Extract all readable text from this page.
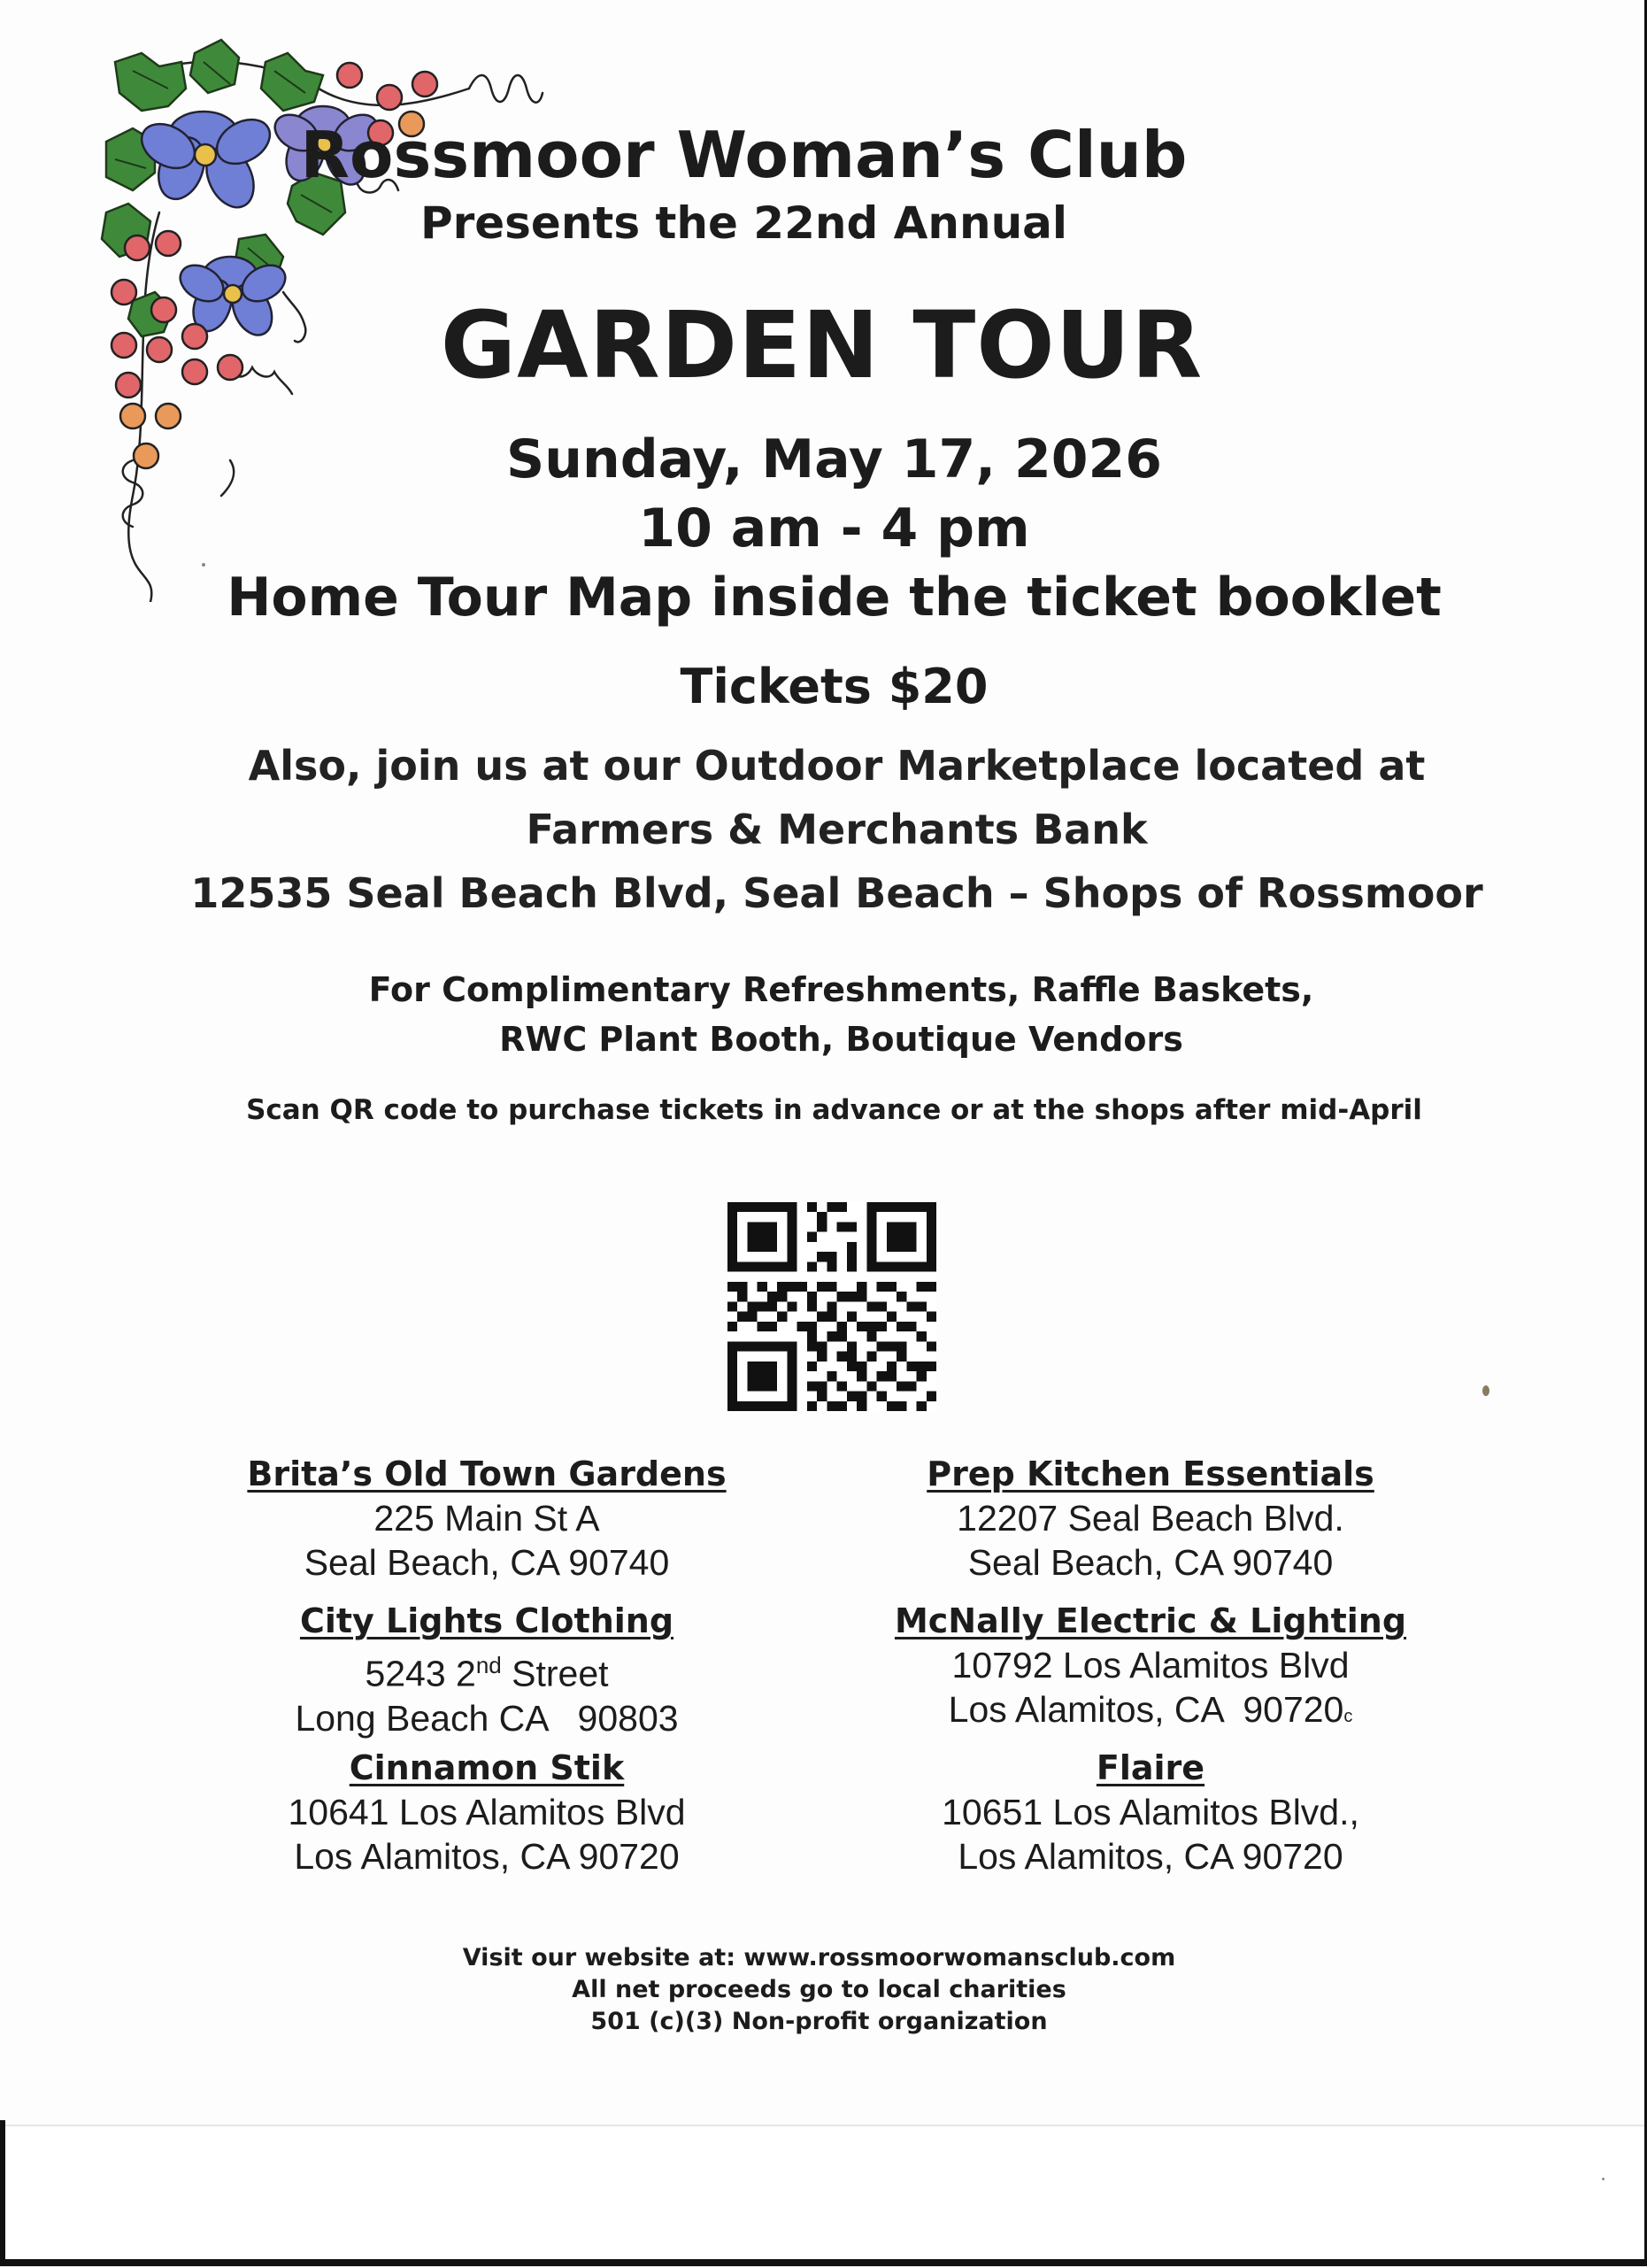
Rossmoor Woman’s Club
Presents the 22nd Annual
GARDEN TOUR
Sunday, May 17, 2026
10 am - 4 pm
Home Tour Map inside the ticket booklet
Tickets $20
Also, join us at our Outdoor Marketplace located at
Farmers & Merchants Bank
12535 Seal Beach Blvd, Seal Beach – Shops of Rossmoor
For Complimentary Refreshments, Raffle Baskets,
RWC Plant Booth, Boutique Vendors
Scan QR code to purchase tickets in advance or at the shops after mid-April
Brita’s Old Town Gardens
225 Main St A
Seal Beach, CA 90740
City Lights Clothing
5243 2nd Street
Long Beach CA   90803
Cinnamon Stik
10641 Los Alamitos Blvd
Los Alamitos, CA 90720
Prep Kitchen Essentials
12207 Seal Beach Blvd.
Seal Beach, CA 90740
McNally Electric & Lighting
10792 Los Alamitos Blvd
Los Alamitos, CA  90720c
Flaire
10651 Los Alamitos Blvd.,
Los Alamitos, CA 90720
Visit our website at: www.rossmoorwomansclub.com
All net proceeds go to local charities
501 (c)(3) Non-profit organization
